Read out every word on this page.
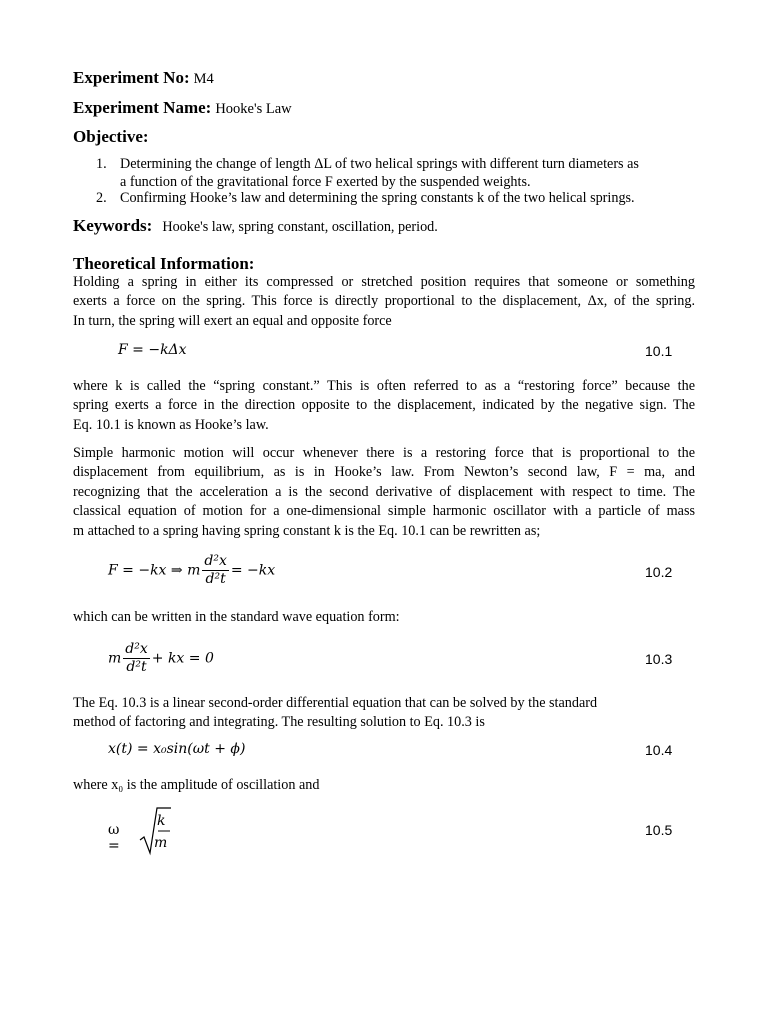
Experiment No: M4
Experiment Name: Hooke's Law
Objective:
1. Determining the change of length ΔL of two helical springs with different turn diameters as
a function of the gravitational force F exerted by the suspended weights.
2. Confirming Hooke’s law and determining the spring constants k of the two helical springs.
Keywords: Hooke's law, spring constant, oscillation, period.
Theoretical Information:
Holding a spring in either its compressed or stretched position requires that someone or something
exerts a force on the spring. This force is directly proportional to the displacement, Δx, of the spring.
In turn, the spring will exert an equal and opposite force
F = −kΔx	10.1
where k is called the “spring constant.” This is often referred to as a “restoring force” because the
spring exerts a force in the direction opposite to the displacement, indicated by the negative sign. The
Eq. 10.1 is known as Hooke’s law.
Simple harmonic motion will occur whenever there is a restoring force that is proportional to the
displacement from equilibrium, as is in Hooke’s law. From Newton’s second law, F = ma, and
recognizing that the acceleration a is the second derivative of displacement with respect to time. The
classical equation of motion for a one-dimensional simple harmonic oscillator with a particle of mass
m attached to a spring having spring constant k is the Eq. 10.1 can be rewritten as;
F = −kx ⇒ m $\frac{\text{d²x}}{\text{d²t}} = -kx$	10.2
which can be written in the standard wave equation form:
m $\frac{\text{d²x}}{\text{d²t}}$ + kx = 0	10.3
The Eq. 10.3 is a linear second-order differential equation that can be solved by the standard
method of factoring and integrating. The resulting solution to Eq. 10.3 is
x(t) = x₀sin(ωt + ϕ)	10.4
where x₀ is the amplitude of oscillation and
ω =
k
m
10.5
